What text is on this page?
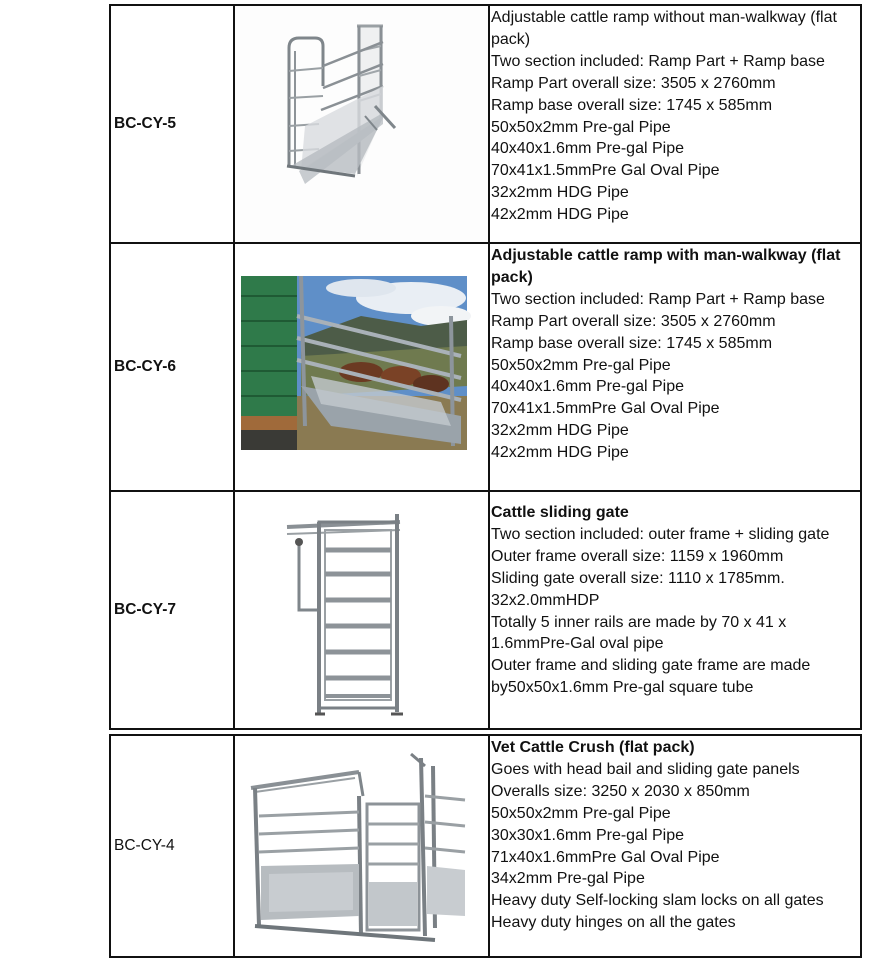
BC-CY-5
Adjustable cattle ramp without man-walkway (flat pack)
Two section included: Ramp Part + Ramp base
Ramp Part overall size: 3505 x 2760mm
Ramp base overall size: 1745 x 585mm
50x50x2mm Pre-gal Pipe
40x40x1.6mm Pre-gal Pipe
70x41x1.5mmPre Gal Oval Pipe
32x2mm HDG Pipe
42x2mm HDG Pipe
BC-CY-6
Adjustable cattle ramp with man-walkway (flat pack)
Two section included: Ramp Part + Ramp base
Ramp Part overall size: 3505 x 2760mm
Ramp base overall size: 1745 x 585mm
50x50x2mm Pre-gal Pipe
40x40x1.6mm Pre-gal Pipe
70x41x1.5mmPre Gal Oval Pipe
32x2mm HDG Pipe
42x2mm HDG Pipe
BC-CY-7
Cattle sliding gate
Two section included: outer frame + sliding gate
Outer frame overall size: 1159 x 1960mm
Sliding gate overall size: 1110 x 1785mm. 32x2.0mmHDP
Totally 5 inner rails are made by 70 x 41 x 1.6mmPre-Gal oval pipe
Outer frame and sliding gate frame are made by50x50x1.6mm Pre-gal square tube
BC-CY-4
Vet Cattle Crush (flat pack)
Goes with head bail and sliding gate panels
Overalls size: 3250 x 2030 x 850mm
50x50x2mm Pre-gal Pipe
30x30x1.6mm Pre-gal Pipe
71x40x1.6mmPre Gal Oval Pipe
34x2mm Pre-gal Pipe
Heavy duty Self-locking slam locks on all gates
Heavy duty hinges on all the gates
